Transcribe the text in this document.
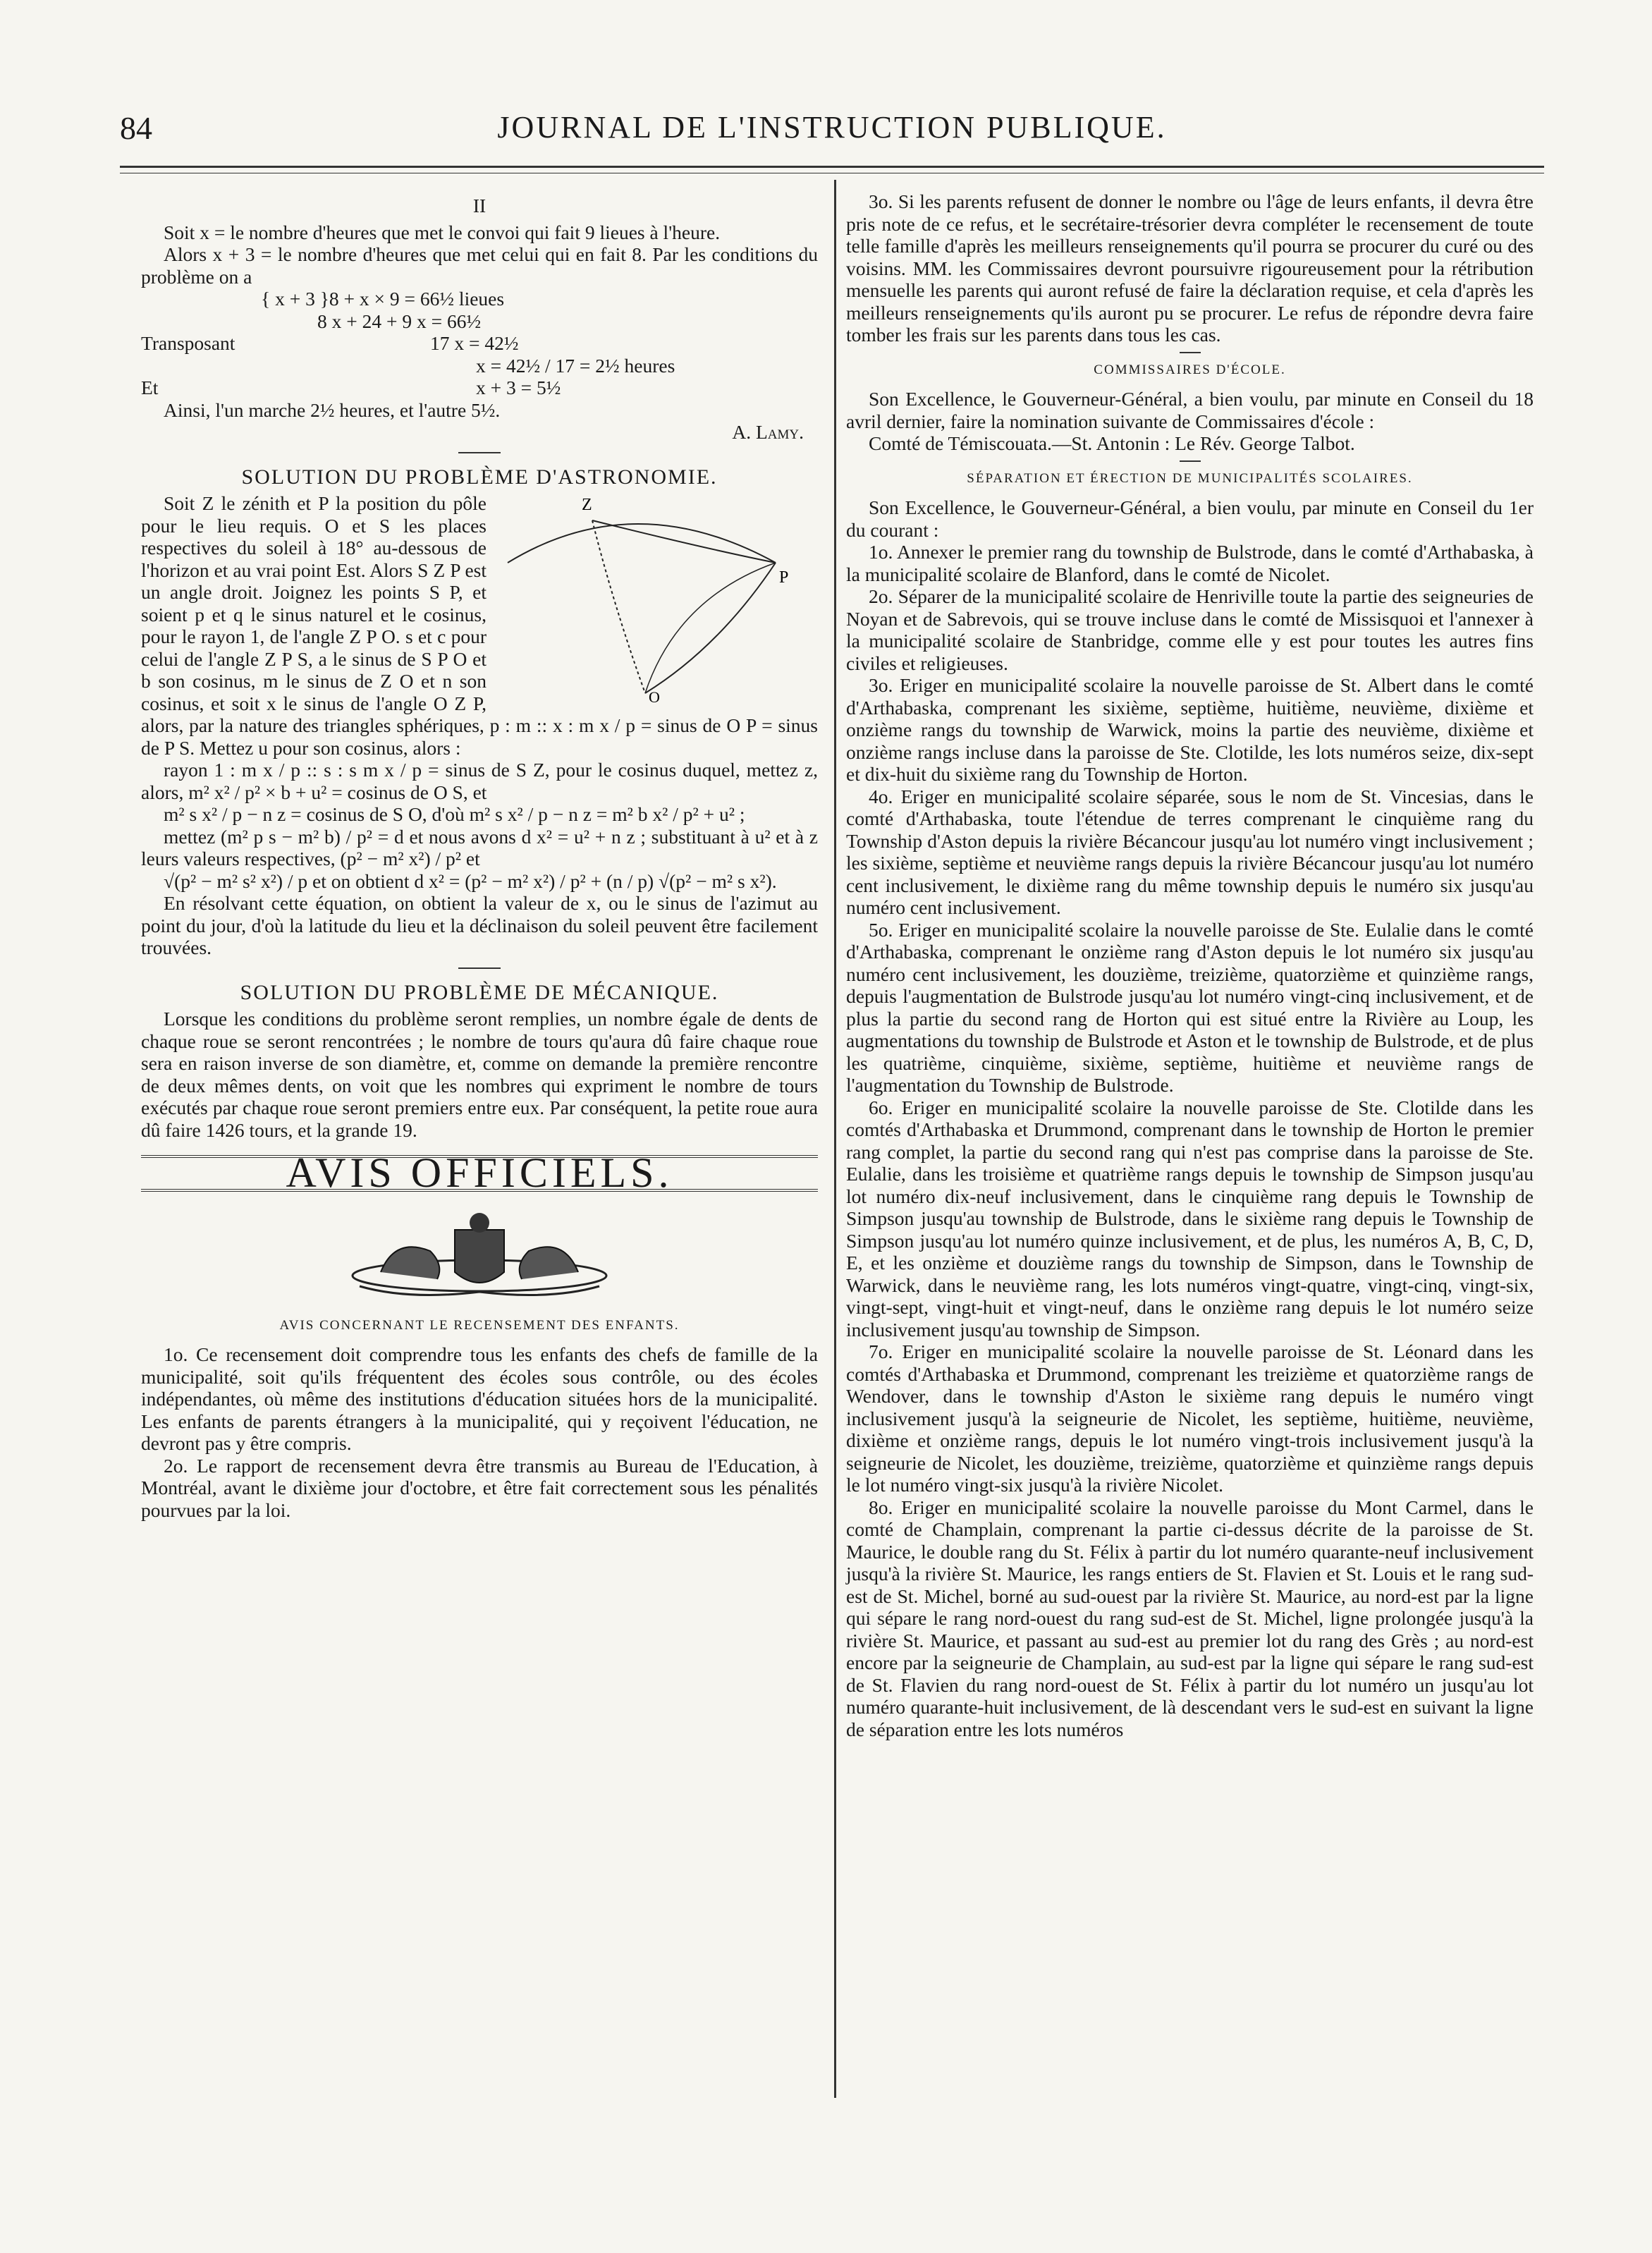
84	JOURNAL DE L'INSTRUCTION PUBLIQUE.
II

Soit x = le nombre d'heures que met le convoi qui fait 9 lieues à l'heure.

Alors x + 3 = le nombre d'heures que met celui qui en fait 8. Par les conditions du problème on a

{ x + 3 }8 + x × 9 = 66½ lieues
8 x + 24 + 9 x = 66½
Transposant	17 x = 42½
x = 42½ / 17 = 2½ heures
Et	x + 3 = 5½

Ainsi, l'un marche 2½ heures, et l'autre 5½.

A. Lamy.
SOLUTION DU PROBLÈME D'ASTRONOMIE.
Z
P
O

Soit Z le zénith et P la position du pôle pour le lieu requis. O et S les places respectives du soleil à 18° au-dessous de l'horizon et au vrai point Est. Alors S Z P est un angle droit. Joignez les points S P, et soient p et q le sinus naturel et le cosinus, pour le rayon 1, de l'angle Z P O. s et c pour celui de l'angle Z P S, a le sinus de S P O et b son cosinus, m le sinus de Z O et n son cosinus, et soit x le sinus de l'angle O Z P, alors, par la nature des triangles sphériques, p : m :: x : m x / p = sinus de O P = sinus de P S. Mettez u pour son cosinus, alors :

rayon 1 : m x / p :: s : s m x / p = sinus de S Z, pour le cosinus duquel, mettez z, alors, m² x² / p² × b + u² = cosinus de O S, et

m² s x² / p − n z = cosinus de S O, d'où m² s x² / p − n z = m² b x² / p² + u² ;

mettez (m² p s − m² b) / p² = d et nous avons d x² = u² + n z ; substituant à u² et à z leurs valeurs respectives, (p² − m² x²) / p² et

√(p² − m² s² x²) / p et on obtient d x² = (p² − m² x²) / p² + (n / p) √(p² − m² s x²).

En résolvant cette équation, on obtient la valeur de x, ou le sinus de l'azimut au point du jour, d'où la latitude du lieu et la déclinaison du soleil peuvent être facilement trouvées.

SOLUTION DU PROBLÈME DE MÉCANIQUE.

Lorsque les conditions du problème seront remplies, un nombre égale de dents de chaque roue se seront rencontrées ; le nombre de tours qu'aura dû faire chaque roue sera en raison inverse de son diamètre, et, comme on demande la première rencontre de deux mêmes dents, on voit que les nombres qui expriment le nombre de tours exécutés par chaque roue seront premiers entre eux. Par conséquent, la petite roue aura dû faire 1426 tours, et la grande 19.

AVIS OFFICIELS.
AVIS CONCERNANT LE RECENSEMENT DES ENFANTS.

1o. Ce recensement doit comprendre tous les enfants des chefs de famille de la municipalité, soit qu'ils fréquentent des écoles sous contrôle, ou des écoles indépendantes, où même des institutions d'éducation situées hors de la municipalité. Les enfants de parents étrangers à la municipalité, qui y reçoivent l'éducation, ne devront pas y être compris.

2o. Le rapport de recensement devra être transmis au Bureau de l'Education, à Montréal, avant le dixième jour d'octobre, et être fait correctement sous les pénalités pourvues par la loi.

3o. Si les parents refusent de donner le nombre ou l'âge de leurs enfants, il devra être pris note de ce refus, et le secrétaire-trésorier devra compléter le recensement de toute telle famille d'après les meilleurs renseignements qu'il pourra se procurer du curé ou des voisins. MM. les Commissaires devront poursuivre rigoureusement pour la rétribution mensuelle les parents qui auront refusé de faire la déclaration requise, et cela d'après les meilleurs renseignements qu'ils auront pu se procurer. Le refus de répondre devra faire tomber les frais sur les parents dans tous les cas.

COMMISSAIRES D'ÉCOLE.

Son Excellence, le Gouverneur-Général, a bien voulu, par minute en Conseil du 18 avril dernier, faire la nomination suivante de Commissaires d'école :

Comté de Témiscouata.—St. Antonin : Le Rév. George Talbot.

SÉPARATION ET ÉRECTION DE MUNICIPALITÉS SCOLAIRES.

Son Excellence, le Gouverneur-Général, a bien voulu, par minute en Conseil du 1er du courant :

1o. Annexer le premier rang du township de Bulstrode, dans le comté d'Arthabaska, à la municipalité scolaire de Blanford, dans le comté de Nicolet.

2o. Séparer de la municipalité scolaire de Henriville toute la partie des seigneuries de Noyan et de Sabrevois, qui se trouve incluse dans le comté de Missisquoi et l'annexer à la municipalité scolaire de Stanbridge, comme elle y est pour toutes les autres fins civiles et religieuses.

3o. Eriger en municipalité scolaire la nouvelle paroisse de St. Albert dans le comté d'Arthabaska, comprenant les sixième, septième, huitième, neuvième, dixième et onzième rangs du township de Warwick, moins la partie des neuvième, dixième et onzième rangs incluse dans la paroisse de Ste. Clotilde, les lots numéros seize, dix-sept et dix-huit du sixième rang du Township de Horton.

4o. Eriger en municipalité scolaire séparée, sous le nom de St. Vincesias, dans le comté d'Arthabaska, toute l'étendue de terres comprenant le cinquième rang du Township d'Aston depuis la rivière Bécancour jusqu'au lot numéro vingt inclusivement ; les sixième, septième et neuvième rangs depuis la rivière Bécancour jusqu'au lot numéro cent inclusivement, le dixième rang du même township depuis le numéro six jusqu'au numéro cent inclusivement.

5o. Eriger en municipalité scolaire la nouvelle paroisse de Ste. Eulalie dans le comté d'Arthabaska, comprenant le onzième rang d'Aston depuis le lot numéro six jusqu'au numéro cent inclusivement, les douzième, treizième, quatorzième et quinzième rangs, depuis l'augmentation de Bulstrode jusqu'au lot numéro vingt-cinq inclusivement, et de plus la partie du second rang de Horton qui est situé entre la Rivière au Loup, les augmentations du township de Bulstrode et Aston et le township de Bulstrode, et de plus les quatrième, cinquième, sixième, septième, huitième et neuvième rangs de l'augmentation du Township de Bulstrode.

6o. Eriger en municipalité scolaire la nouvelle paroisse de Ste. Clotilde dans les comtés d'Arthabaska et Drummond, comprenant dans le township de Horton le premier rang complet, la partie du second rang qui n'est pas comprise dans la paroisse de Ste. Eulalie, dans les troisième et quatrième rangs depuis le township de Simpson jusqu'au lot numéro dix-neuf inclusivement, dans le cinquième rang depuis le Township de Simpson jusqu'au township de Bulstrode, dans le sixième rang depuis le Township de Simpson jusqu'au lot numéro quinze inclusivement, et de plus, les numéros A, B, C, D, E, et les onzième et douzième rangs du township de Simpson, dans le Township de Warwick, dans le neuvième rang, les lots numéros vingt-quatre, vingt-cinq, vingt-six, vingt-sept, vingt-huit et vingt-neuf, dans le onzième rang depuis le lot numéro seize inclusivement jusqu'au township de Simpson.

7o. Eriger en municipalité scolaire la nouvelle paroisse de St. Léonard dans les comtés d'Arthabaska et Drummond, comprenant les treizième et quatorzième rangs de Wendover, dans le township d'Aston le sixième rang depuis le numéro vingt inclusivement jusqu'à la seigneurie de Nicolet, les septième, huitième, neuvième, dixième et onzième rangs, depuis le lot numéro vingt-trois inclusivement jusqu'à la seigneurie de Nicolet, les douzième, treizième, quatorzième et quinzième rangs depuis le lot numéro vingt-six jusqu'à la rivière Nicolet.

8o. Eriger en municipalité scolaire la nouvelle paroisse du Mont Carmel, dans le comté de Champlain, comprenant la partie ci-dessus décrite de la paroisse de St. Maurice, le double rang du St. Félix à partir du lot numéro quarante-neuf inclusivement jusqu'à la rivière St. Maurice, les rangs entiers de St. Flavien et St. Louis et le rang sud-est de St. Michel, borné au sud-ouest par la rivière St. Maurice, au nord-est par la ligne qui sépare le rang nord-ouest du rang sud-est de St. Michel, ligne prolongée jusqu'à la rivière St. Maurice, et passant au sud-est au premier lot du rang des Grès ; au nord-est encore par la seigneurie de Champlain, au sud-est par la ligne qui sépare le rang sud-est de St. Flavien du rang nord-ouest de St. Félix à partir du lot numéro un jusqu'au lot numéro quarante-huit inclusivement, de là descendant vers le sud-est en suivant la ligne de séparation entre les lots numéros
